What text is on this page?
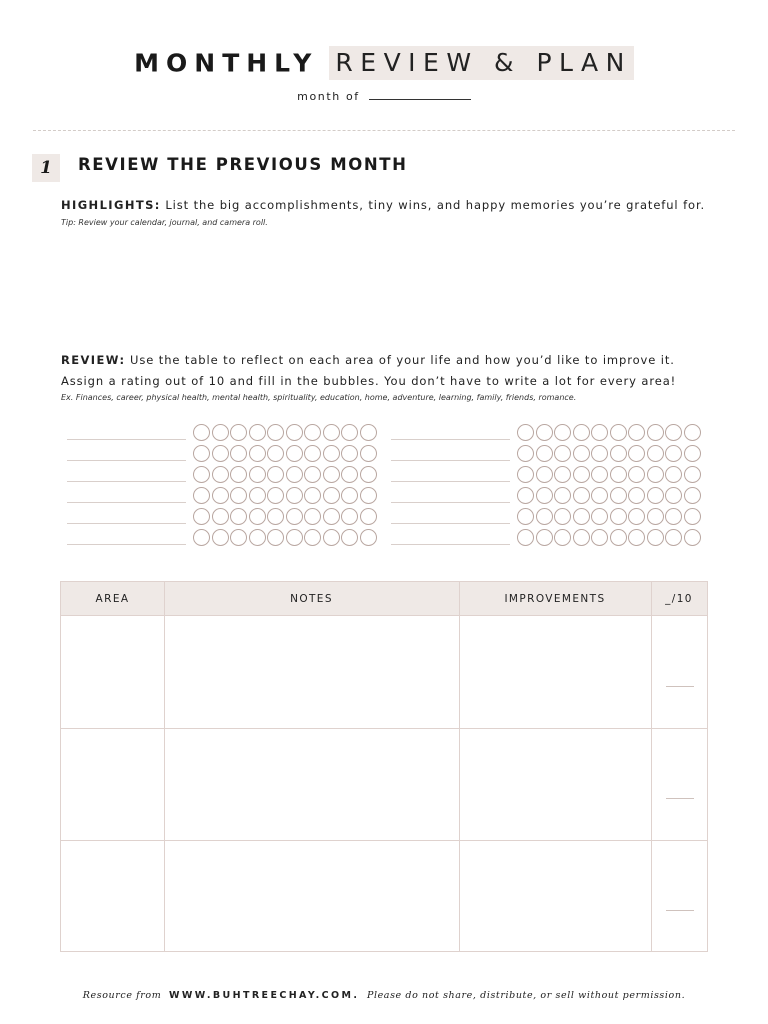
MONTHLY REVIEW & PLAN
month of
1	REVIEW THE PREVIOUS MONTH
HIGHLIGHTS: List the big accomplishments, tiny wins, and happy memories you’re grateful for.
Tip: Review your calendar, journal, and camera roll.
REVIEW: Use the table to reflect on each area of your life and how you’d like to improve it.
Assign a rating out of 10 and fill in the bubbles. You don’t have to write a lot for every area!
Ex. Finances, career, physical health, mental health, spirituality, education, home, adventure, learning, family, friends, romance.
AREA	NOTES	IMPROVEMENTS	_/10
Resource from WWW.BUHTREECHAY.COM. Please do not share, distribute, or sell without permission.
